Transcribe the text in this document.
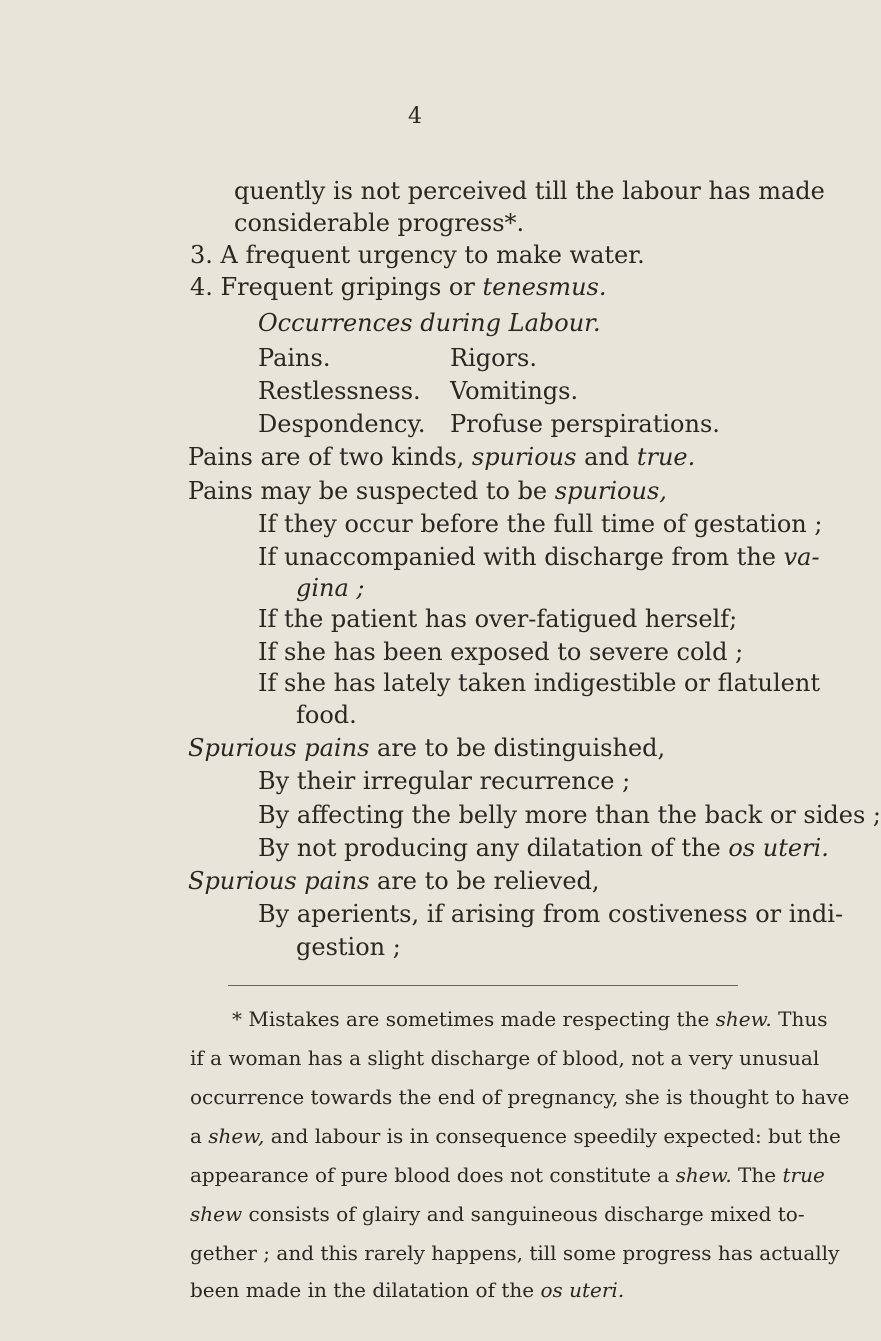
4
quently is not perceived till the labour has made
considerable progress*.
3. A frequent urgency to make water.
4. Frequent gripings or tenesmus.
Occurrences during Labour.
Pains.	Rigors.
Restlessness. Vomitings.
Despondency. Profuse perspirations.
Pains are of two kinds, spurious and true.
Pains may be suspected to be spurious,
If they occur before the full time of gestation ;
If unaccompanied with discharge from the va-
gina ;
If the patient has over-fatigued herself;
If she has been exposed to severe cold ;
If she has lately taken indigestible or flatulent
food.
Spurious pains are to be distinguished,
By their irregular recurrence ;
By affecting the belly more than the back or sides ;
By not producing any dilatation of the os uteri.
Spurious pains are to be relieved,
By aperients, if arising from costiveness or indi-
gestion ;
* Mistakes are sometimes made respecting the shew. Thus
if a woman has a slight discharge of blood, not a very unusual
occurrence towards the end of pregnancy, she is thought to have
a shew, and labour is in consequence speedily expected: but the
appearance of pure blood does not constitute a shew. The true
shew consists of glairy and sanguineous discharge mixed to-
gether ; and this rarely happens, till some progress has actually
been made in the dilatation of the os uteri.
